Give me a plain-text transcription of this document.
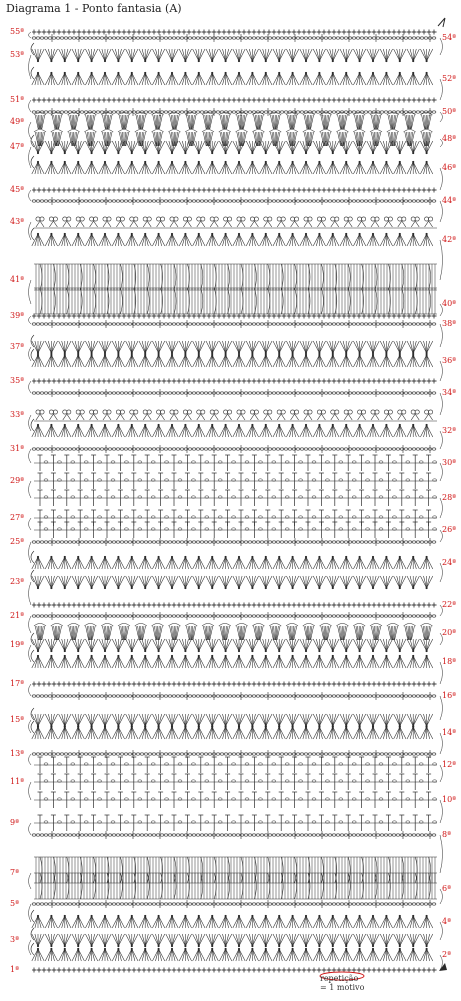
Diagrama 1 - Ponto fantasia (A)
1ª
2ª
3ª
4ª
5ª
6ª
7ª
8ª
9ª
10ª
11ª
12ª
13ª
14ª
15ª
16ª
17ª
18ª
19ª
20ª
21ª
22ª
23ª
24ª
25ª
26ª
27ª
28ª
29ª
30ª
31ª
32ª
33ª
34ª
35ª
36ª
37ª
38ª
39ª
40ª
41ª
42ª
43ª
44ª
45ª
46ª
47ª
48ª
49ª
50ª
51ª
52ª
53ª
54ª
55ª
repetição
= 1 motivo
